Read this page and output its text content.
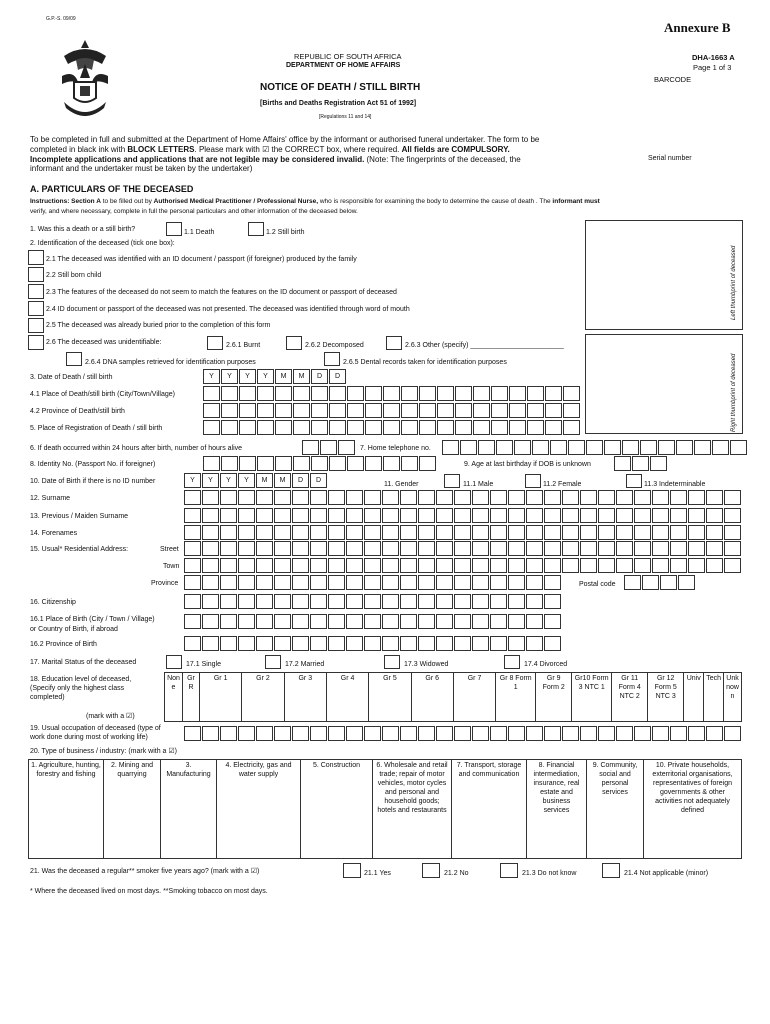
G.P.-S. 09/09
Annexure B
REPUBLIC OF SOUTH AFRICA
DEPARTMENT OF HOME AFFAIRS
DHA-1663 A
Page 1 of 3
BARCODE
NOTICE OF DEATH / STILL BIRTH
[Births and Deaths Registration Act 51 of 1992]
[Regulations 11 and 14]
To be completed in full and submitted at the Department of Home Affairs' office by the informant or authorised funeral undertaker. The form to be
completed in black ink with BLOCK LETTERS. Please mark with ☑ the CORRECT box, where required. All fields are COMPULSORY.
Incomplete applications and applications that are not legible may be considered invalid. (Note: The fingerprints of the deceased, the
informant and the undertaker must be taken by the undertaker)
Serial number
A. PARTICULARS OF THE DECEASED
Instructions: Section A to be filled out by Authorised Medical Practitioner / Professional Nurse, who is responsible for examining the body to determine the cause of death . The informant must
verify, and where necessary, complete in full the personal particulars and other information of the deceased below.
Left thumbprint of deceased
Right thumbprint of deceased
1. Was this a death or a still birth?	1.1 Death	1.2 Still birth
2. Identification of the deceased (tick one box):
2.1 The deceased was identified with an ID document / passport (if foreigner) produced by the family
2.2 Still born child
2.3 The features of the deceased do not seem to match the features on the ID document or passport of deceased
2.4 ID document or passport of the deceased was not presented. The deceased was identified through word of mouth
2.5 The deceased was already buried prior to the completion of this form
2.6 The deceased was unidentifiable:	2.6.1 Burnt	2.6.2 Decomposed	2.6.3 Other (specify) ________________________
2.6.4 DNA samples retrieved for identification purposes	2.6.5 Dental records taken for identification purposes
3. Date of Death / still birth	Y	Y	Y	Y	M	M	D	D
4.1 Place of Death/still birth (City/Town/Village)
4.2 Province of Death/still birth
5. Place of Registration of Death / still birth
6. If death occurred within 24 hours after birth, number of hours alive	7. Home telephone no.
8. Identity No. (Passport No. if foreigner)	9. Age at last birthday if DOB is unknown
10. Date of Birth if there is no ID number	Y	Y	Y	Y	M	M	D	D
11. Gender	11.1 Male	11.2 Female	11.3 Indeterminable
12. Surname
13. Previous / Maiden Surname
14. Forenames
15. Usual* Residential Address:	Street
Town
Province	Postal code
16. Citizenship
16.1 Place of Birth (City / Town / Village)
or Country of Birth, if abroad
16.2 Province of Birth
17. Marital Status of the deceased	17.1 Single	17.2 Married	17.3 Widowed	17.4 Divorced
18. Education level of deceased,
(Specify only the highest class
completed)
(mark with a ☑)
Non e	Gr R	Gr 1	Gr 2	Gr 3	Gr 4	Gr 5	Gr 6	Gr 7	Gr 8 Form 1	Gr 9 Form 2	Gr10 Form 3 NTC 1	Gr 11 Form 4 NTC 2	Gr 12 Form 5 NTC 3	Univ	Tech	Unk now n
19. Usual occupation of deceased (type of
work done during most of working life)
20. Type of business / industry: (mark with a ☑)
1. Agriculture, hunting, forestry and fishing	2. Mining and quarrying	3. Manufacturing	4. Electricity, gas and water supply	5. Construction	6. Wholesale and retail trade; repair of motor vehicles, motor cycles and personal and household goods; hotels and restaurants	7. Transport, storage and communication	8. Financial intermediation, insurance, real estate and business services	9. Community, social and personal services	10. Private households, exterritorial organisations, representatives of foreign governments & other activities not adequately defined
21. Was the deceased a regular** smoker five years ago? (mark with a ☑)	21.1 Yes	21.2 No	21.3 Do not know	21.4 Not applicable (minor)
* Where the deceased lived on most days. **Smoking tobacco on most days.
